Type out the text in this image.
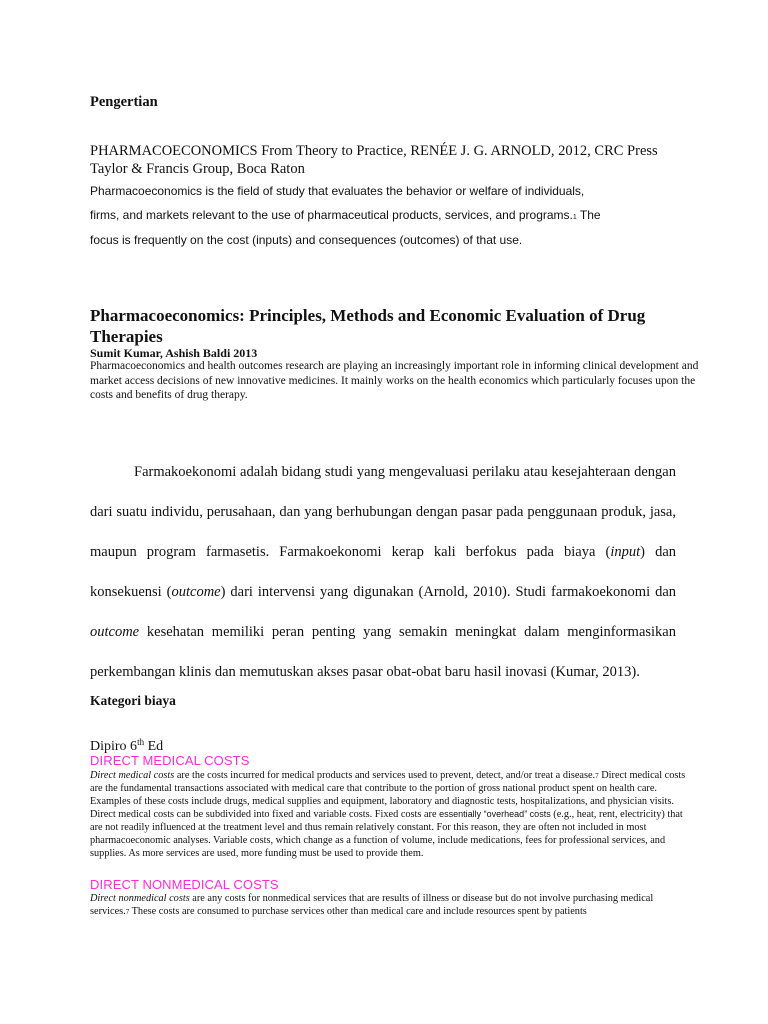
Pengertian
PHARMACOECONOMICS From Theory to Practice, RENÉE J. G. ARNOLD, 2012, CRC Press Taylor & Francis Group, Boca Raton
Pharmacoeconomics is the field of study that evaluates the behavior or welfare of individuals, firms, and markets relevant to the use of pharmaceutical products, services, and programs.1 The focus is frequently on the cost (inputs) and consequences (outcomes) of that use.
Pharmacoeconomics: Principles, Methods and Economic Evaluation of Drug Therapies
Sumit Kumar, Ashish Baldi 2013
Pharmacoeconomics and health outcomes research are playing an increasingly important role in informing clinical development and market access decisions of new innovative medicines. It mainly works on the health economics which particularly focuses upon the costs and benefits of drug therapy.

Farmakoekonomi adalah bidang studi yang mengevaluasi perilaku atau kesejahteraan dengan dari suatu individu, perusahaan, dan yang berhubungan dengan pasar pada penggunaan produk, jasa, maupun program farmasetis. Farmakoekonomi kerap kali berfokus pada biaya (input) dan konsekuensi (outcome) dari intervensi yang digunakan (Arnold, 2010). Studi farmakoekonomi dan outcome kesehatan memiliki peran penting yang semakin meningkat dalam menginformasikan perkembangan klinis dan memutuskan akses pasar obat-obat baru hasil inovasi (Kumar, 2013).

Kategori biaya
Dipiro 6th Ed
DIRECT MEDICAL COSTS
Direct medical costs are the costs incurred for medical products and services used to prevent, detect, and/or treat a disease.7 Direct medical costs are the fundamental transactions associated with medical care that contribute to the portion of gross national product spent on health care. Examples of these costs include drugs, medical supplies and equipment, laboratory and diagnostic tests, hospitalizations, and physician visits. Direct medical costs can be subdivided into fixed and variable costs. Fixed costs are essentially “overhead” costs (e.g., heat, rent, electricity) that are not readily influenced at the treatment level and thus remain relatively constant. For this reason, they are often not included in most pharmacoeconomic analyses. Variable costs, which change as a function of volume, include medications, fees for professional services, and supplies. As more services are used, more funding must be used to provide them.
DIRECT NONMEDICAL COSTS
Direct nonmedical costs are any costs for nonmedical services that are results of illness or disease but do not involve purchasing medical services.7 These costs are consumed to purchase services other than medical care and include resources spent by patients
